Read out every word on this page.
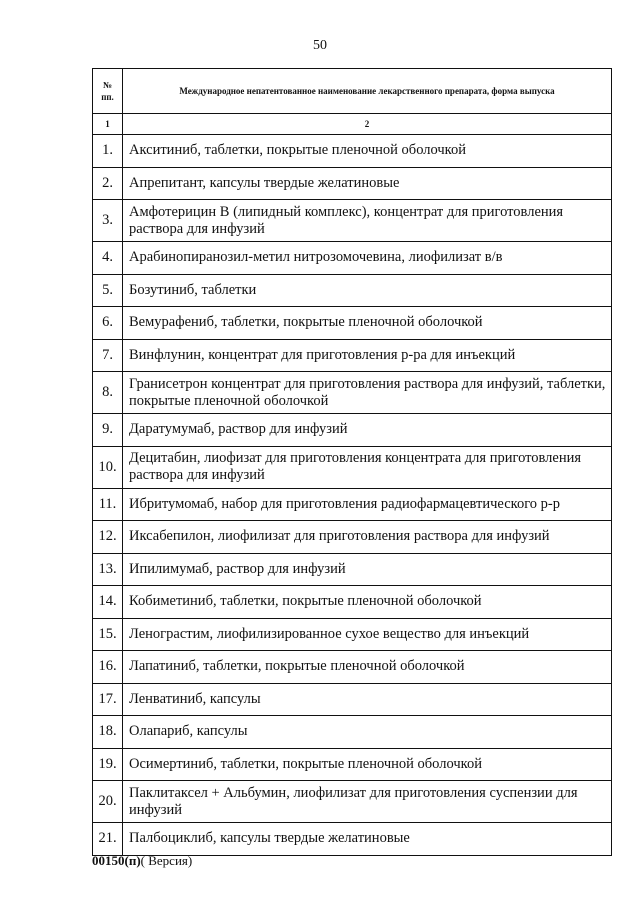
50
№
пп.	Международное непатентованное наименование лекарственного препарата, форма выпуска
1	2
1.	Акситиниб, таблетки, покрытые пленочной оболочкой
2.	Апрепитант, капсулы твердые желатиновые
3.	Амфотерицин В (липидный комплекс), концентрат для приготовления раствора для инфузий
4.	Арабинопиранозил-метил нитрозомочевина, лиофилизат в/в
5.	Бозутиниб, таблетки
6.	Вемурафениб, таблетки, покрытые пленочной оболочкой
7.	Винфлунин, концентрат для приготовления р-ра для инъекций
8.	Гранисетрон концентрат для приготовления раствора для инфузий, таблетки, покрытые пленочной оболочкой
9.	Даратумумаб, раствор для инфузий
10.	Децитабин, лиофизат для приготовления концентрата для приготовления раствора для инфузий
11.	Ибритумомаб, набор для приготовления радиофармацевтического р-р
12.	Иксабепилон, лиофилизат для приготовления раствора для инфузий
13.	Ипилимумаб, раствор для инфузий
14.	Кобиметиниб, таблетки, покрытые пленочной оболочкой
15.	Ленограстим, лиофилизированное сухое вещество для инъекций
16.	Лапатиниб, таблетки, покрытые пленочной оболочкой
17.	Ленватиниб, капсулы
18.	Олапариб, капсулы
19.	Осимертиниб, таблетки, покрытые пленочной оболочкой
20.	Паклитаксел + Альбумин, лиофилизат для приготовления суспензии для инфузий
21.	Палбоциклиб, капсулы твердые желатиновые
00150(п)( Версия)
